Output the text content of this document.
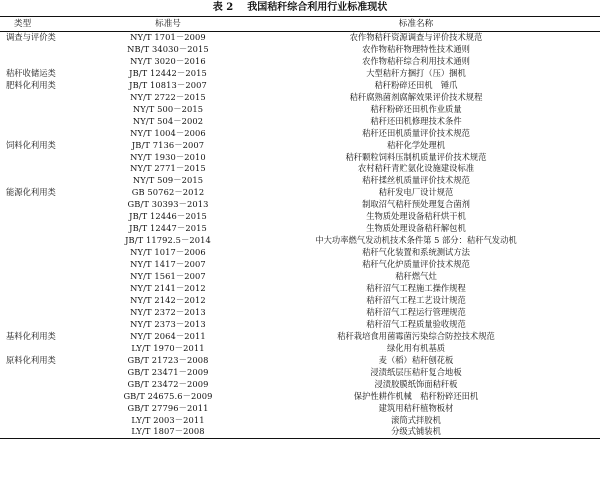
表 2 我国秸秆综合利用行业标准现状
类型	标准号	标准名称
调查与评价类	NY/T 1701－2009	农作物秸秆资源调查与评价技术规范
	NB/T 34030－2015	农作物秸秆物理特性技术通则
	NY/T 3020－2016	农作物秸秆综合利用技术通则
秸秆收储运类	JB/T 12442－2015	大型秸秆方捆打（压）捆机
肥料化利用类	JB/T 10813－2007	秸秆粉碎还田机　锤爪
	NY/T 2722－2015	秸秆腐熟菌剂腐解效果评价技术规程
	NY/T 500－2015	秸秆粉碎还田机作业质量
	NY/T 504－2002	秸秆还田机修理技术条件
	NY/T 1004－2006	秸秆还田机质量评价技术规范
饲料化利用类	JB/T 7136－2007	秸秆化学处理机
	NY/T 1930－2010	秸秆颗粒饲料压制机质量评价技术规范
	NY/T 2771－2015	农村秸秆青贮氨化设施建设标准
	NY/T 509－2015	秸秆揉丝机质量评价技术规范
能源化利用类	GB 50762－2012	秸秆发电厂设计规范
	GB/T 30393－2013	制取沼气秸秆预处理复合菌剂
	JB/T 12446－2015	生物质处理设备秸秆烘干机
	JB/T 12447－2015	生物质处理设备秸秆解包机
	JB/T 11792.5－2014	中大功率燃气发动机技术条件第 5 部分：秸秆气发动机
	NY/T 1017－2006	秸秆气化装置和系统测试方法
	NY/T 1417－2007	秸秆气化炉质量评价技术规范
	NY/T 1561－2007	秸秆燃气灶
	NY/T 2141－2012	秸秆沼气工程施工操作规程
	NY/T 2142－2012	秸秆沼气工程工艺设计规范
	NY/T 2372－2013	秸秆沼气工程运行管理规范
	NY/T 2373－2013	秸秆沼气工程质量验收规范
基料化利用类	NY/T 2064－2011	秸秆栽培食用菌霉菌污染综合防控技术规范
	LY/T 1970－2011	绿化用有机基质
原料化利用类	GB/T 21723－2008	麦（稻）秸秆刨花板
	GB/T 23471－2009	浸渍纸层压秸秆复合地板
	GB/T 23472－2009	浸渍胶膜纸饰面秸秆板
	GB/T 24675.6－2009	保护性耕作机械　秸秆粉碎还田机
	GB/T 27796－2011	建筑用秸秆植物板材
	LY/T 2003－2011	滚筒式拌胶机
	LY/T 1807－2008	分级式铺装机
